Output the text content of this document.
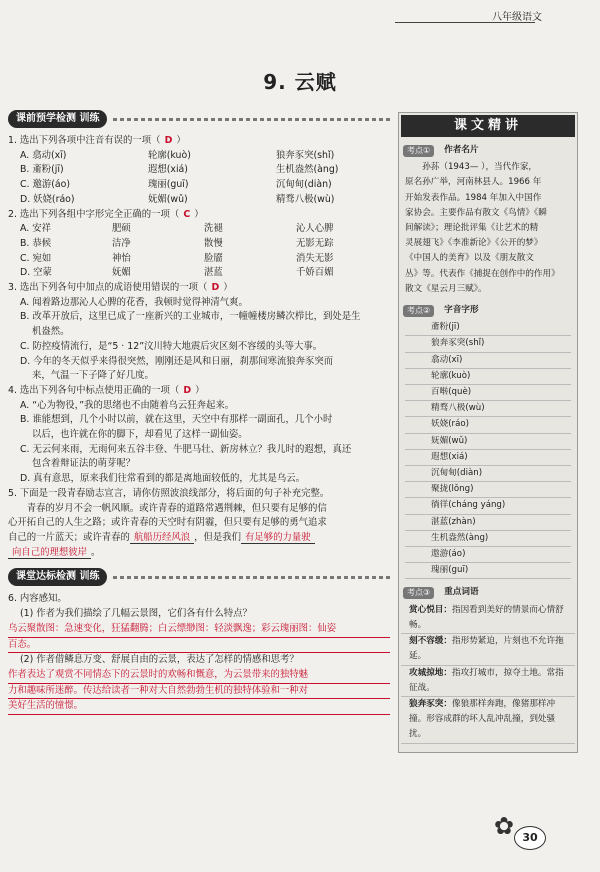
八年级语文
9. 云赋
课前预学检测 训练

1. 选出下列各项中注音有误的一项（ D ）

A. 翕动(xī)	轮廓(kuò)	狼奔豕突(shǐ)
B. 齑粉(jī)	遐想(xiá)	生机盎然(àng)
C. 邀游(áo)	瑰丽(guī)	沉甸甸(diàn)
D. 妖娆(ráo)	妩媚(wǔ)	精骛八极(wù)

2. 选出下列各组中字形完全正确的一项（ C ）

A. 安祥	肥硕	洗褪	沁人心脾
B. 恭候	洁净	散慢	无影无踪
C. 宛如	神怡	脸靥	消失无影
D. 空蒙	妩媚	湛蓝	千娇百媚

3. 选出下列各句中加点的成语使用错误的一项（ D ）

A. 闻着路边那沁人心脾的花香，我顿时觉得神清气爽。
B. 改革开放后，这里已成了一座新兴的工业城市，一幢幢楼房鳞次栉比，到处是生
机盎然。
C. 防控疫情流行，是“5 · 12”汶川特大地震后灾区刻不容缓的头等大事。
D. 今年的冬天似乎来得很突然，刚刚还是风和日丽，刹那间寒流狼奔豕突而
来，气温一下子降了好几度。

4. 选出下列各句中标点使用正确的一项（ D ）

A. “心为物役，”我的思绪也不由随着乌云狂奔起来。
B. 谁能想到，几个小时以前，就在这里，天空中有那样一副面孔，几个小时
以后，也许就在你的脚下，却看见了这样一副仙姿。
C. 无云何来雨，无雨何来五谷丰登、牛肥马壮、新房林立？我儿时的遐想，真还
包含着辩证法的萌芽呢？
D. 真有意思，原来我们往常看到的都是离地面较低的，尤其是乌云。

5. 下面是一段青春励志宣言，请你仿照波浪线部分，将后面的句子补充完整。

青春的岁月不会一帆风顺。或许青春的道路常遇荆棘，但只要有足够的信
心开拓自己的人生之路；或许青春的天空时有阴霾，但只要有足够的勇气追求
自己的一片蓝天；或许青春的 航船历经风浪 ，但是我们 有足够的力量驶
向自己的理想彼岸 。
课堂达标检测 训练

6. 内容感知。

(1) 作者为我们描绘了几幅云景图，它们各有什么特点？
乌云聚散图：急速变化，狂猛翻腾；白云缥缈图：轻淡飘逸；彩云瑰丽图：仙姿
百态。
(2) 作者借鳞息万变、舒展自由的云景，表达了怎样的情感和思考？
作者表达了观赏不同情态下的云景时的欢畅和慨意，为云景带来的独特魅
力和趣味所迷醉。传达给读者一种对大自然勃勃生机的独特体验和一种对
美好生活的憧憬。
课文精讲
考点①	作者名片
孙荪（1943— ），当代作家，
原名孙广举，河南林县人。1966 年
开始发表作品。1984 年加入中国作
家协会。主要作品有散文《鸟情》《瞬
间解读》；理论批评集《让艺术的精
灵展翅飞》《李准新论》《公开的梦》
《中国人的美育》以及《朋友散文
丛》等。代表作《捕捉在创作中的作用》
散文《星云月三赋》。
考点②	字音字形
齑粉(jī)
狼奔豕突(shǐ)
翕动(xī)
轮廓(kuò)
百啭(què)
精骛八极(wù)
妖娆(ráo)
妩媚(wǔ)
遐想(xiá)
沉甸甸(diàn)
聚拢(lǒng)
徜徉(cháng yáng)
湛蓝(zhàn)
生机盎然(àng)
遨游(áo)
瑰丽(guī)
考点③	重点词语
赏心悦目：指因看到美好的情景而心情舒畅。
刻不容缓：指形势紧迫，片刻也不允许拖延。
攻城掠地：指攻打城市，掠夺土地。常指征战。
狼奔豕突：像狼那样奔跑，像猪那样冲撞。形容成群的坏人乱冲乱撞，到处骚扰。
✿ 30
